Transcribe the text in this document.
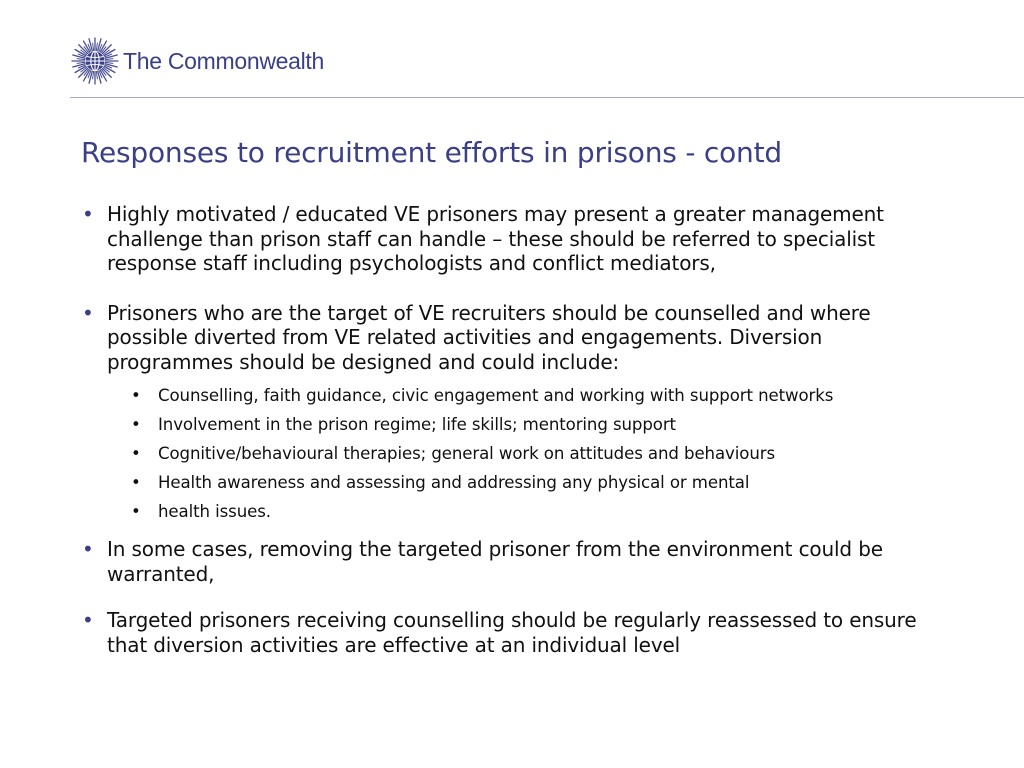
The Commonwealth
Responses to recruitment efforts in prisons - contd
• Highly motivated / educated VE prisoners may present a greater management challenge than prison staff can handle – these should be referred to specialist response staff including psychologists and conflict mediators,
• Prisoners who are the target of VE recruiters should be counselled and where possible diverted from VE related activities and engagements. Diversion programmes should be designed and could include:
• Counselling, faith guidance, civic engagement and working with support networks
• Involvement in the prison regime; life skills; mentoring support
• Cognitive/behavioural therapies; general work on attitudes and behaviours
• Health awareness and assessing and addressing any physical or mental
• health issues.
• In some cases, removing the targeted prisoner from the environment could be warranted,
• Targeted prisoners receiving counselling should be regularly reassessed to ensure that diversion activities are effective at an individual level
